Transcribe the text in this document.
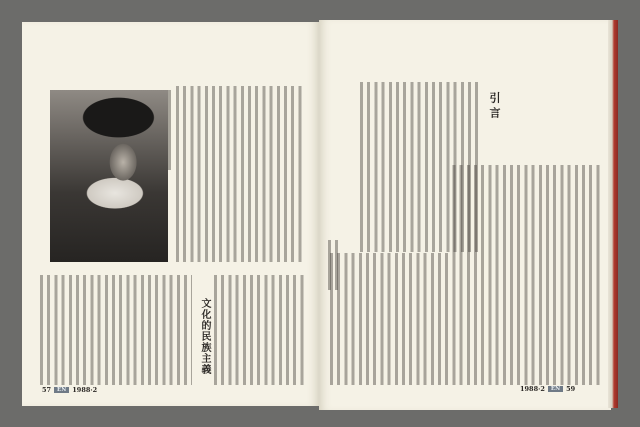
文化的民族主義
57	EN 1988·2
引言
1988·2	EN 59
